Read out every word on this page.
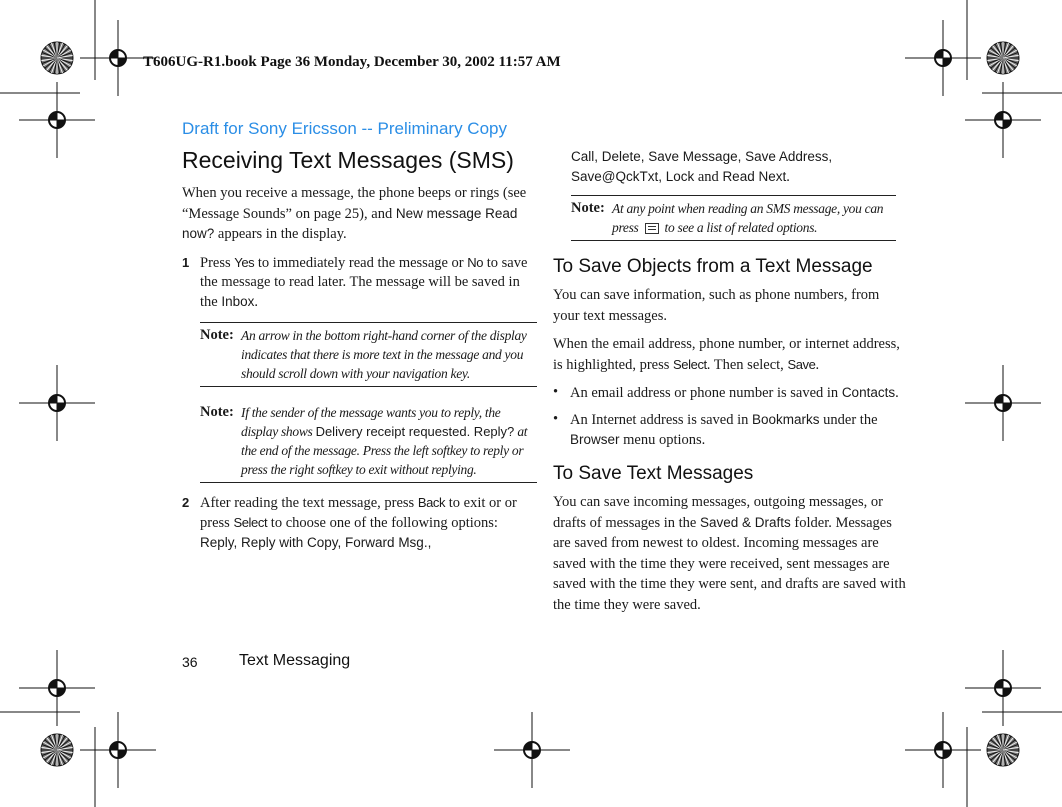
T606UG-R1.book Page 36 Monday, December 30, 2002 11:57 AM
Draft for Sony Ericsson -- Preliminary Copy
Receiving Text Messages (SMS)

When you receive a message, the phone beeps or rings (see “Message Sounds” on page 25), and New message Read now? appears in the display.

1 Press Yes to immediately read the message or No to save the message to read later. The message will be saved in the Inbox.
Note: An arrow in the bottom right-hand corner of the display indicates that there is more text in the message and you should scroll down with your navigation key.
Note: If the sender of the message wants you to reply, the display shows Delivery receipt requested. Reply? at the end of the message. Press the left softkey to reply or press the right softkey to exit without replying.
2 After reading the text message, press Back to exit or or press Select to choose one of the following options: Reply, Reply with Copy, Forward Msg.,
Call, Delete, Save Message, Save Address, Save@QckTxt, Lock and Read Next.
Note: At any point when reading an SMS message, you can press to see a list of related options.
To Save Objects from a Text Message

You can save information, such as phone numbers, from your text messages.

When the email address, phone number, or internet address, is highlighted, press Select. Then select, Save.

• An email address or phone number is saved in Contacts.
• An Internet address is saved in Bookmarks under the Browser menu options.
To Save Text Messages

You can save incoming messages, outgoing messages, or drafts of messages in the Saved & Drafts folder. Messages are saved from newest to oldest. Incoming messages are saved with the time they were received, sent messages are saved with the time they were sent, and drafts are saved with the time they were saved.

36	Text Messaging
